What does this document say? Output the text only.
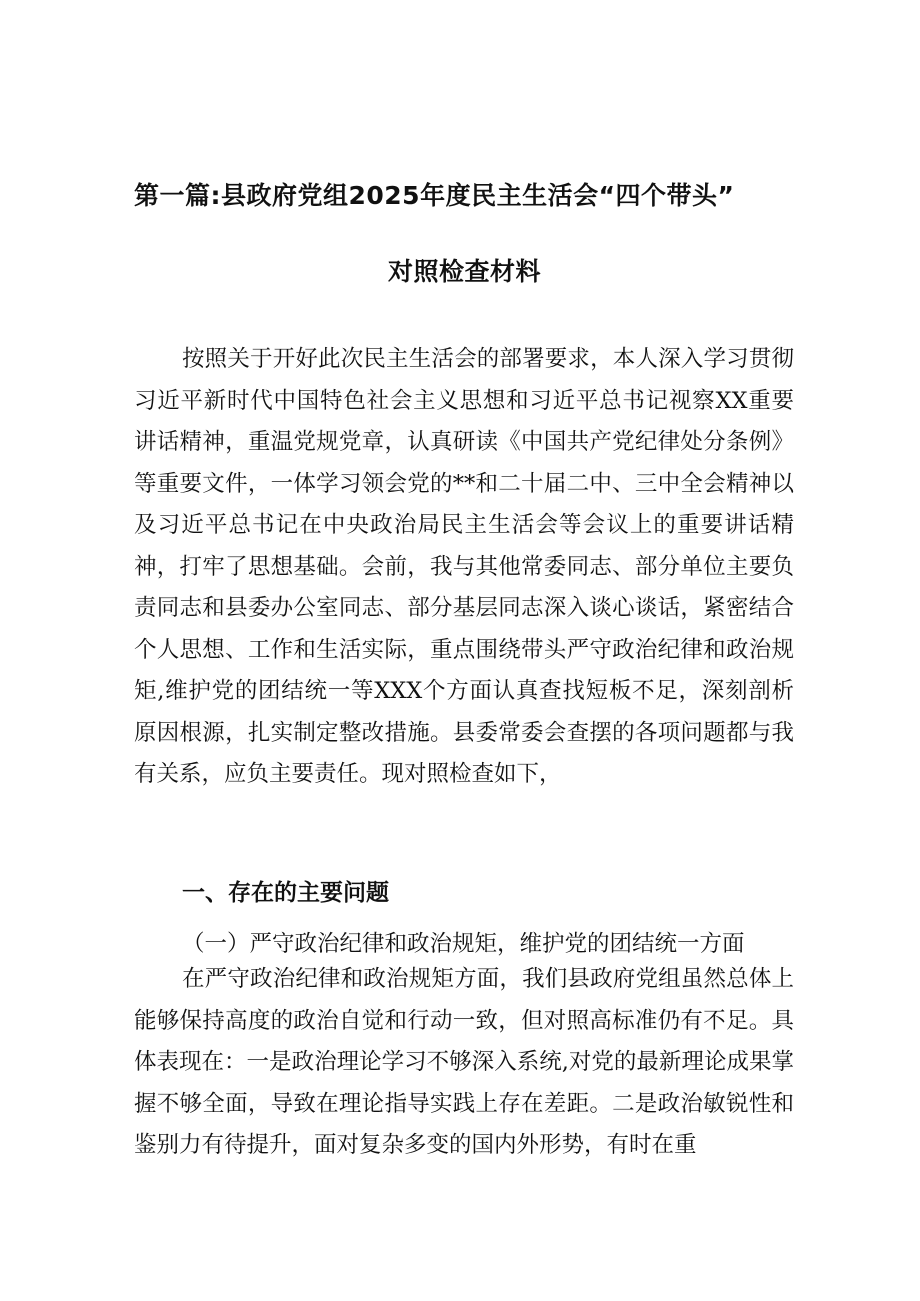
第一篇:县政府党组2025年度民主生活会“四个带头”
对照检查材料

按照关于开好此次民主生活会的部署要求，本人深入学习贯彻习近平新时代中国特色社会主义思想和习近平总书记视察XX重要讲话精神，重温党规党章，认真研读《中国共产党纪律处分条例》等重要文件，一体学习领会党的**和二十届二中、三中全会精神以及习近平总书记在中央政治局民主生活会等会议上的重要讲话精神，打牢了思想基础。会前，我与其他常委同志、部分单位主要负责同志和县委办公室同志、部分基层同志深入谈心谈话，紧密结合个人思想、工作和生活实际，重点围绕带头严守政治纪律和政治规矩,维护党的团结统一等XXX个方面认真查找短板不足，深刻剖析原因根源，扎实制定整改措施。县委常委会查摆的各项问题都与我有关系，应负主要责任。现对照检查如下，

一、存在的主要问题
（一）严守政治纪律和政治规矩，维护党的团结统一方面

在严守政治纪律和政治规矩方面，我们县政府党组虽然总体上能够保持高度的政治自觉和行动一致，但对照高标准仍有不足。具体表现在：一是政治理论学习不够深入系统,对党的最新理论成果掌握不够全面，导致在理论指导实践上存在差距。二是政治敏锐性和鉴别力有待提升，面对复杂多变的国内外形势，有时在重
